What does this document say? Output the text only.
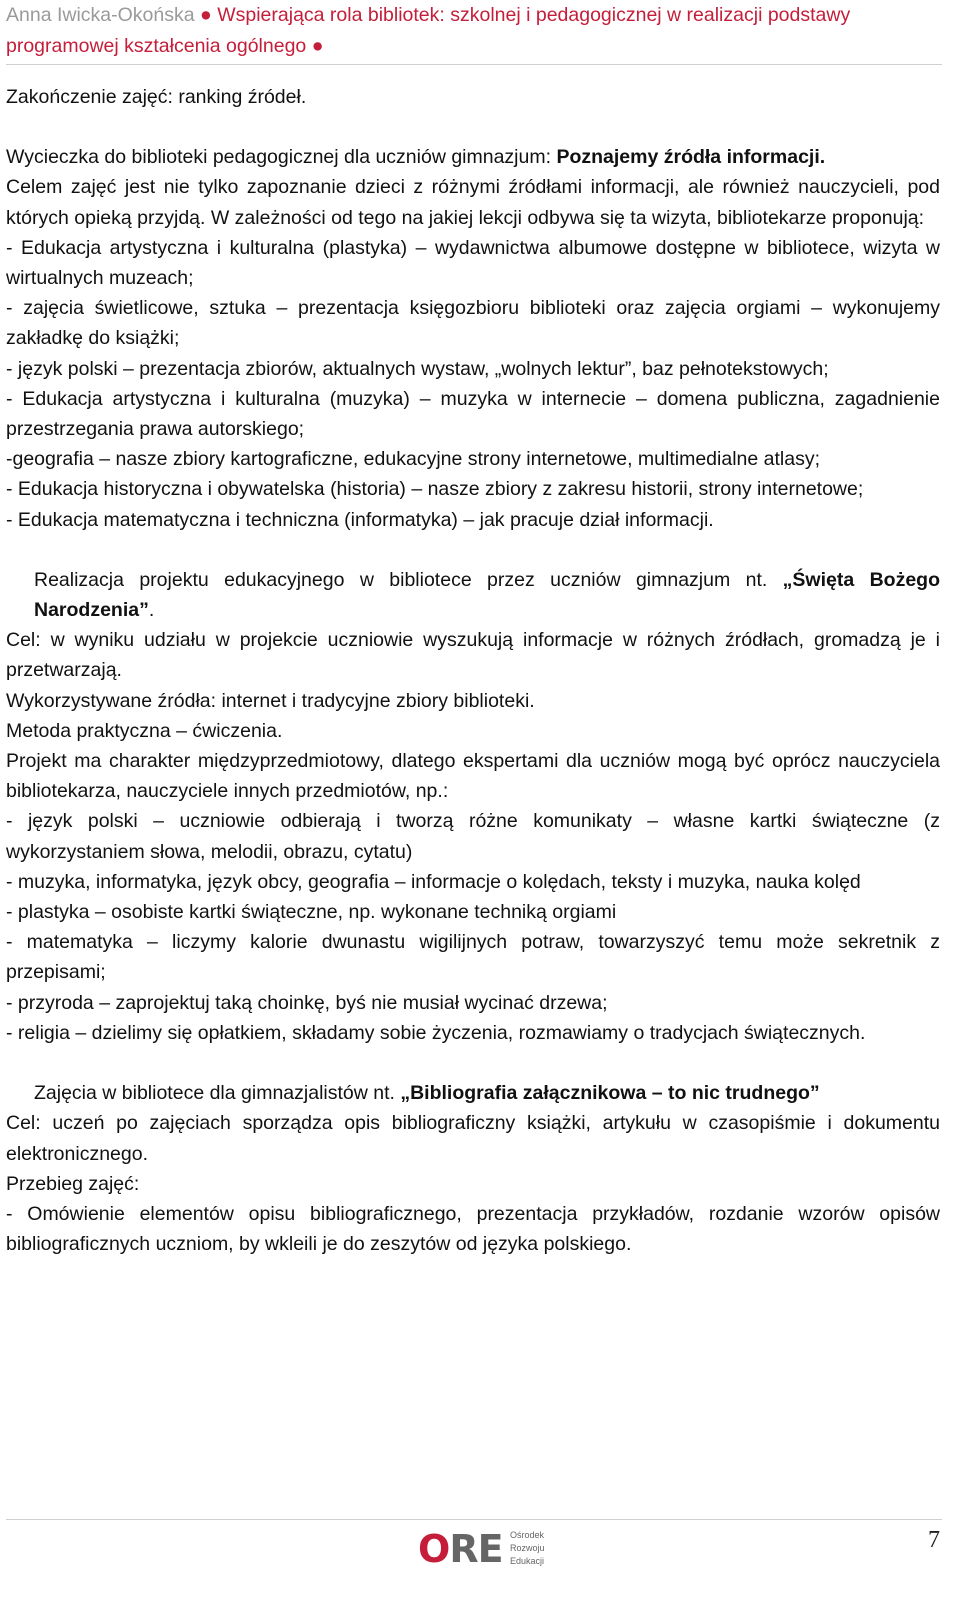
Anna Iwicka-Okońska ● Wspierająca rola bibliotek: szkolnej i pedagogicznej w realizacji podstawy
programowej kształcenia ogólnego ●

Zakończenie zajęć: ranking źródeł.

Wycieczka do biblioteki pedagogicznej dla uczniów gimnazjum: Poznajemy źródła informacji.

Celem zajęć jest nie tylko zapoznanie dzieci z różnymi źródłami informacji, ale również nauczycieli, pod których opieką przyjdą. W zależności od tego na jakiej lekcji odbywa się ta wizyta, bibliotekarze proponują:

- Edukacja artystyczna i kulturalna (plastyka) – wydawnictwa albumowe dostępne w bibliotece, wizyta w wirtualnych muzeach;

- zajęcia świetlicowe, sztuka – prezentacja księgozbioru biblioteki oraz zajęcia orgiami – wykonujemy zakładkę do książki;

- język polski – prezentacja zbiorów, aktualnych wystaw, „wolnych lektur”, baz pełnotekstowych;

- Edukacja artystyczna i kulturalna (muzyka) – muzyka w internecie – domena publiczna, zagadnienie przestrzegania prawa autorskiego;

-geografia – nasze zbiory kartograficzne, edukacyjne strony internetowe, multimedialne atlasy;

- Edukacja historyczna i obywatelska (historia) – nasze zbiory z zakresu historii, strony internetowe;

- Edukacja matematyczna i techniczna (informatyka) – jak pracuje dział informacji.

Realizacja projektu edukacyjnego w bibliotece przez uczniów gimnazjum nt. „Święta Bożego Narodzenia”.

Cel: w wyniku udziału w projekcie uczniowie wyszukują informacje w różnych źródłach, gromadzą je i przetwarzają.

Wykorzystywane źródła: internet i tradycyjne zbiory biblioteki.

Metoda praktyczna – ćwiczenia.

Projekt ma charakter międzyprzedmiotowy, dlatego ekspertami dla uczniów mogą być oprócz nauczyciela bibliotekarza, nauczyciele innych przedmiotów, np.:

- język polski – uczniowie odbierają i tworzą różne komunikaty – własne kartki świąteczne (z wykorzystaniem słowa, melodii, obrazu, cytatu)

- muzyka, informatyka, język obcy, geografia – informacje o kolędach, teksty i muzyka, nauka kolęd

- plastyka – osobiste kartki świąteczne, np. wykonane techniką orgiami

- matematyka – liczymy kalorie dwunastu wigilijnych potraw, towarzyszyć temu może sekretnik z przepisami;

- przyroda – zaprojektuj taką choinkę, byś nie musiał wycinać drzewa;

- religia – dzielimy się opłatkiem, składamy sobie życzenia, rozmawiamy o tradycjach świątecznych.

Zajęcia w bibliotece dla gimnazjalistów nt. „Bibliografia załącznikowa – to nic trudnego”

Cel: uczeń po zajęciach sporządza opis bibliograficzny książki, artykułu w czasopiśmie i dokumentu elektronicznego.

Przebieg zajęć:

- Omówienie elementów opisu bibliograficznego, prezentacja przykładów, rozdanie wzorów opisów bibliograficznych uczniom, by wkleili je do zeszytów od języka polskiego.

ORE Ośrodek
Rozwoju
Edukacji
7
